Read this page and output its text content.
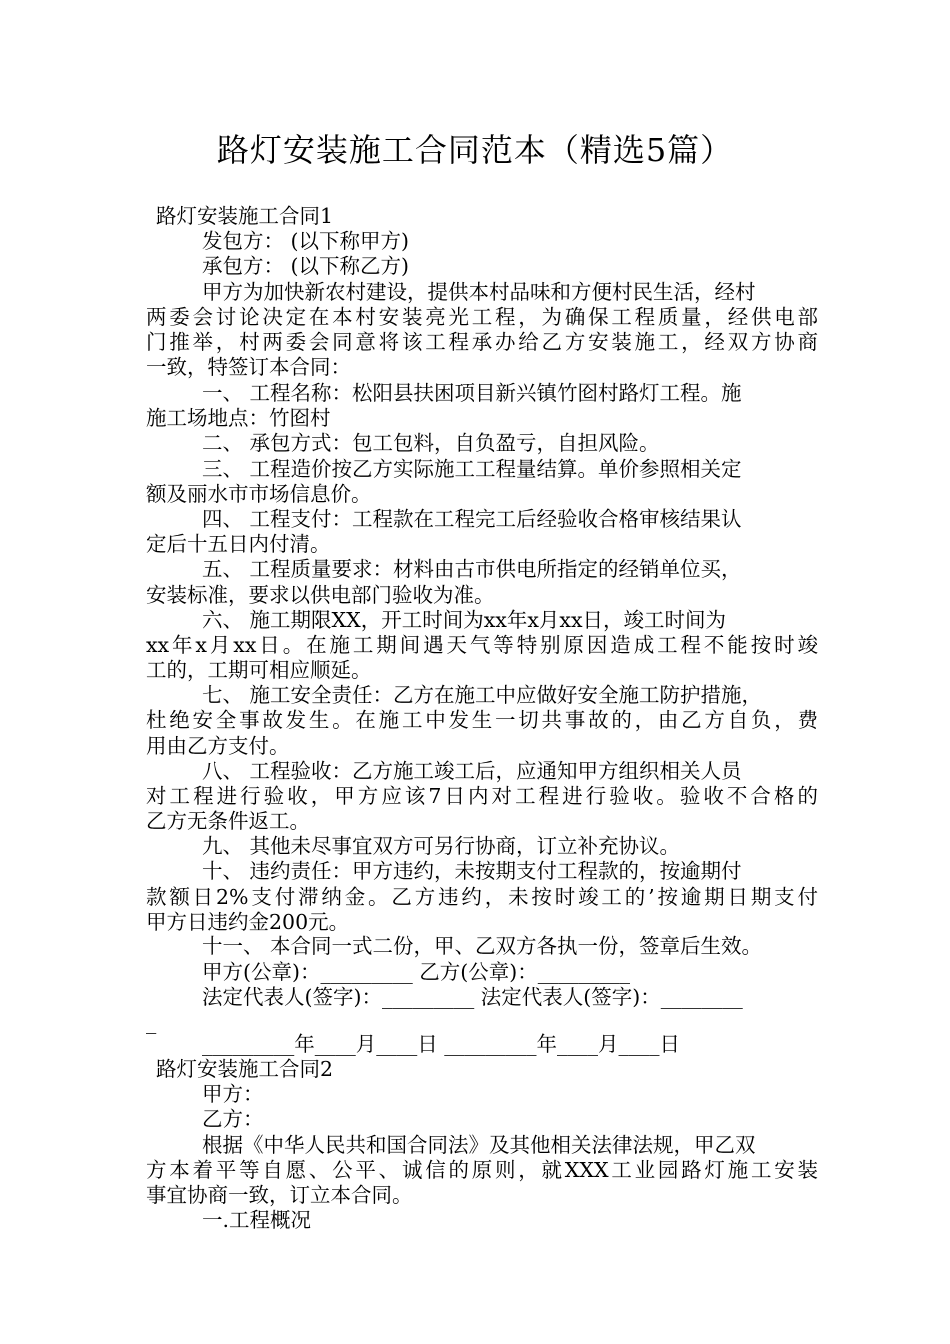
路灯安装施工合同范本（精选5篇）
路灯安装施工合同1
发包方： (以下称甲方)
承包方： (以下称乙方)
甲方为加快新农村建设，提供本村品味和方便村民生活，经村
两委会讨论决定在本村安装亮光工程，为确保工程质量，经供电部
门推举，村两委会同意将该工程承办给乙方安装施工，经双方协商
一致，特签订本合同：
一、 工程名称：松阳县扶困项目新兴镇竹囵村路灯工程。施
施工场地点：竹囵村
二、 承包方式：包工包料，自负盈亏，自担风险。
三、 工程造价按乙方实际施工工程量结算。单价参照相关定
额及丽水市市场信息价。
四、 工程支付：工程款在工程完工后经验收合格审核结果认
定后十五日内付清。
五、 工程质量要求：材料由古市供电所指定的经销单位买，
安装标准，要求以供电部门验收为准。
六、 施工期限XX，开工时间为xx年x月xx日，竣工时间为
xx年x月xx日。在施工期间遇天气等特别原因造成工程不能按时竣
工的，工期可相应顺延。
七、 施工安全责任：乙方在施工中应做好安全施工防护措施，
杜绝安全事故发生。在施工中发生一切共事故的，由乙方自负，费
用由乙方支付。
八、 工程验收：乙方施工竣工后，应通知甲方组织相关人员
对工程进行验收，甲方应该7日内对工程进行验收。验收不合格的
乙方无条件返工。
九、 其他未尽事宜双方可另行协商，订立补充协议。
十、 违约责任：甲方违约，未按期支付工程款的，按逾期付
款额日2%支付滞纳金。乙方违约，未按时竣工的’按逾期日期支付
甲方日违约金200元。
十一、 本合同一式二份，甲、乙双方各执一份，签章后生效。
甲方(公章)：_________ 乙方(公章)：_________
法定代表人(签字)：_________ 法定代表人(签字)：________
_
_________年____月____日 _________年____月____日
路灯安装施工合同2
甲方：
乙方：
根据《中华人民共和国合同法》及其他相关法律法规，甲乙双
方本着平等自愿、公平、诚信的原则，就XXX工业园路灯施工安装
事宜协商一致，订立本合同。
一.工程概况
